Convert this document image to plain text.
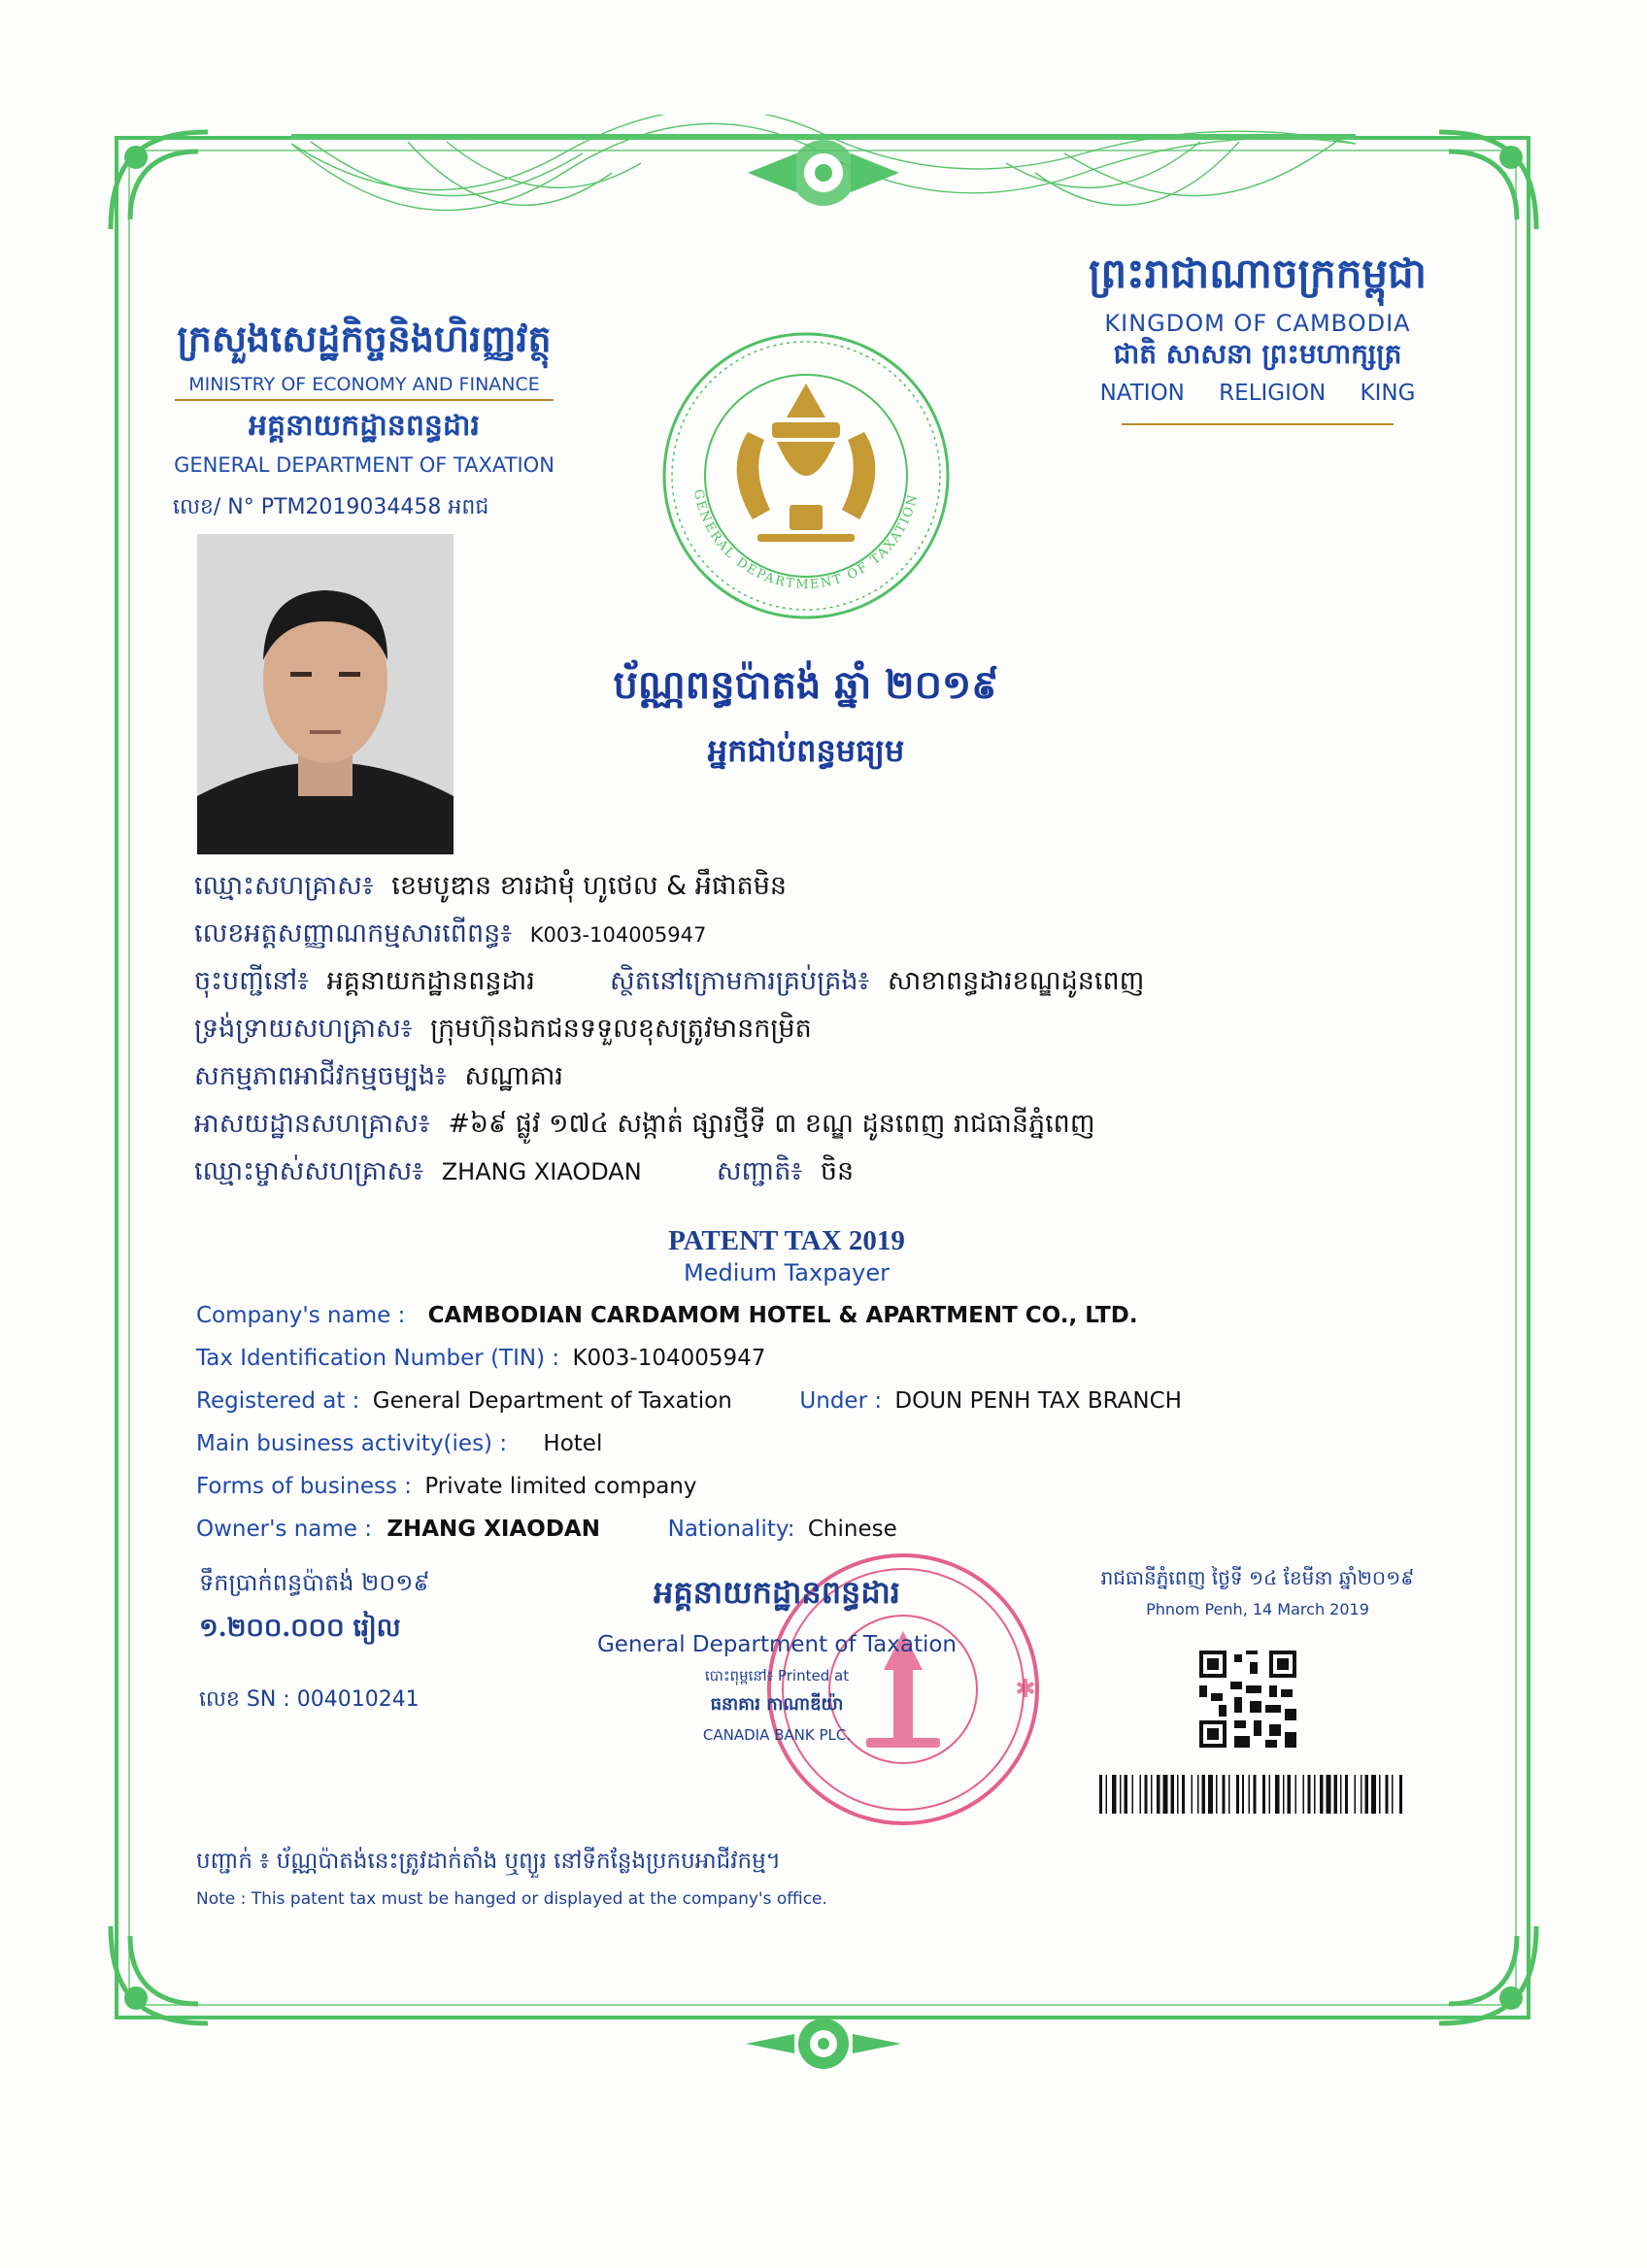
ក្រសួងសេដ្ឋកិច្ចនិងហិរញ្ញវត្ថុ
MINISTRY OF ECONOMY AND FINANCE
អគ្គនាយកដ្ឋានពន្ធដារ
GENERAL DEPARTMENT OF TAXATION
ព្រះរាជាណាចក្រកម្ពុជា
KINGDOM OF CAMBODIA
ជាតិ សាសនា ព្រះមហាក្សត្រ
NATION RELIGION KING
GENERAL DEPARTMENT OF TAXATION
លេខ/ N° PTM2019034458 អពជ
ប័ណ្ណពន្ធប៉ាតង់ ឆ្នាំ ២០១៩
អ្នកជាប់ពន្ធមធ្យម
ឈ្មោះសហគ្រាស៖ ខេមបូឌាន ខារដាមុំ ហូថេល & អឹផាតមិន
លេខអត្តសញ្ញាណកម្មសារពើពន្ធ៖ K003-104005947
ចុះបញ្ជីនៅ៖ អគ្គនាយកដ្ឋានពន្ធដារ	ស្ថិតនៅក្រោមការគ្រប់គ្រង៖ សាខាពន្ធដារខណ្ឌដូនពេញ
ទ្រង់ទ្រាយសហគ្រាស៖ ក្រុមហ៊ុនឯកជនទទួលខុសត្រូវមានកម្រិត
សកម្មភាពអាជីវកម្មចម្បង៖ សណ្ឋាគារ
អាសយដ្ឋានសហគ្រាស៖ #៦៩ ផ្លូវ ១៧៤ សង្កាត់ ផ្សារថ្មីទី ៣ ខណ្ឌ ដូនពេញ រាជធានីភ្នំពេញ
ឈ្មោះម្ចាស់សហគ្រាស៖ ZHANG XIAODAN	សញ្ជាតិ៖ ចិន
PATENT TAX 2019
Medium Taxpayer
Company's name : CAMBODIAN CARDAMOM HOTEL & APARTMENT CO., LTD.
Tax Identification Number (TIN) : K003-104005947
Registered at : General Department of Taxation	Under : DOUN PENH TAX BRANCH
Main business activity(ies) : Hotel
Forms of business : Private limited company
Owner's name : ZHANG XIAODAN	Nationality: Chinese
ទឹកប្រាក់ពន្ធប៉ាតង់ ២០១៩
១.២០០.០០០ រៀល
លេខ SN : 004010241	✱
អគ្គនាយកដ្ឋានពន្ធដារ
General Department of Taxation
បោះពុម្ពនៅ៖ Printed at
ធនាគារ កាណាឌីយ៉ា
CANADIA BANK PLC.
រាជធានីភ្នំពេញ ថ្ងៃទី ១៤ ខែមីនា ឆ្នាំ២០១៩
Phnom Penh, 14 March 2019
បញ្ជាក់ ៖ ប័ណ្ណប៉ាតង់នេះត្រូវដាក់តាំង ឬព្យួរ នៅទីកន្លែងប្រកបអាជីវកម្ម។
Note : This patent tax must be hanged or displayed at the company's office.
